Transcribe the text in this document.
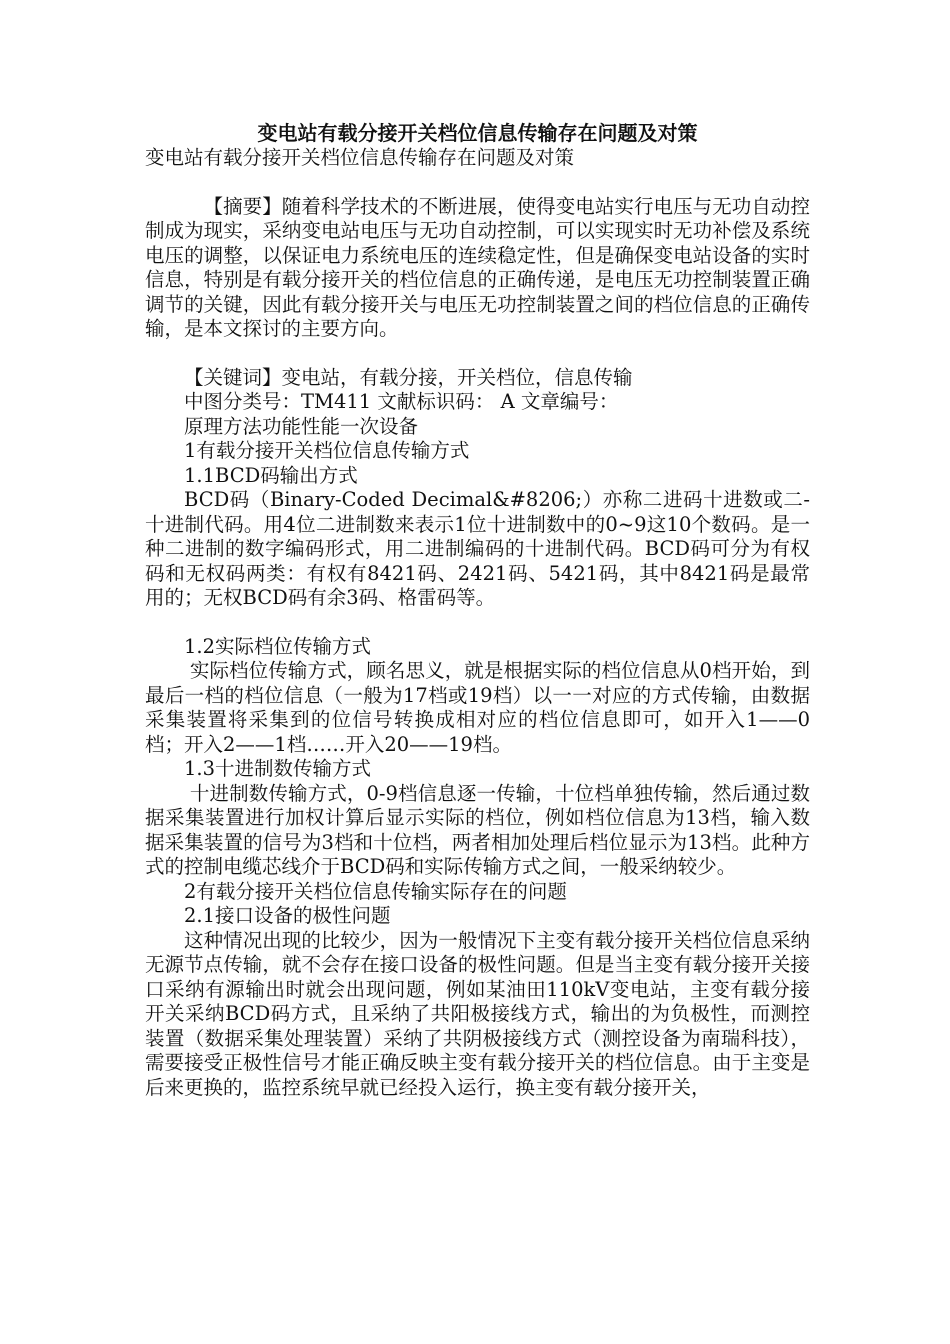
变电站有载分接开关档位信息传输存在问题及对策
变电站有载分接开关档位信息传输存在问题及对策
【摘要】随着科学技术的不断进展，使得变电站实行电压与无功自动控制成为现实，采纳变电站电压与无功自动控制，可以实现实时无功补偿及系统电压的调整，以保证电力系统电压的连续稳定性，但是确保变电站设备的实时信息，特别是有载分接开关的档位信息的正确传递，是电压无功控制装置正确调节的关键，因此有载分接开关与电压无功控制装置之间的档位信息的正确传输，是本文探讨的主要方向。
【关键词】变电站，有载分接，开关档位，信息传输
中图分类号：TM411 文献标识码： A 文章编号：
原理方法功能性能一次设备
1有载分接开关档位信息传输方式
1.1BCD码输出方式
BCD码（Binary-Coded Decimal&#8206;）亦称二进码十进数或二-十进制代码。用4位二进制数来表示1位十进制数中的0~9这10个数码。是一种二进制的数字编码形式，用二进制编码的十进制代码。BCD码可分为有权码和无权码两类：有权有8421码、2421码、5421码，其中8421码是最常用的；无权BCD码有余3码、格雷码等。
1.2实际档位传输方式
实际档位传输方式，顾名思义，就是根据实际的档位信息从0档开始，到最后一档的档位信息（一般为17档或19档）以一一对应的方式传输，由数据采集装置将采集到的位信号转换成相对应的档位信息即可，如开入1——0档；开入2——1档……开入20——19档。
1.3十进制数传输方式
十进制数传输方式，0-9档信息逐一传输，十位档单独传输，然后通过数据采集装置进行加权计算后显示实际的档位，例如档位信息为13档，输入数据采集装置的信号为3档和十位档，两者相加处理后档位显示为13档。此种方式的控制电缆芯线介于BCD码和实际传输方式之间，一般采纳较少。
2有载分接开关档位信息传输实际存在的问题
2.1接口设备的极性问题
这种情况出现的比较少，因为一般情况下主变有载分接开关档位信息采纳无源节点传输，就不会存在接口设备的极性问题。但是当主变有载分接开关接口采纳有源输出时就会出现问题，例如某油田110kV变电站，主变有载分接开关采纳BCD码方式，且采纳了共阳极接线方式，输出的为负极性，而测控装置（数据采集处理装置）采纳了共阴极接线方式（测控设备为南瑞科技），需要接受正极性信号才能正确反映主变有载分接开关的档位信息。由于主变是后来更换的，监控系统早就已经投入运行，换主变有载分接开关，
